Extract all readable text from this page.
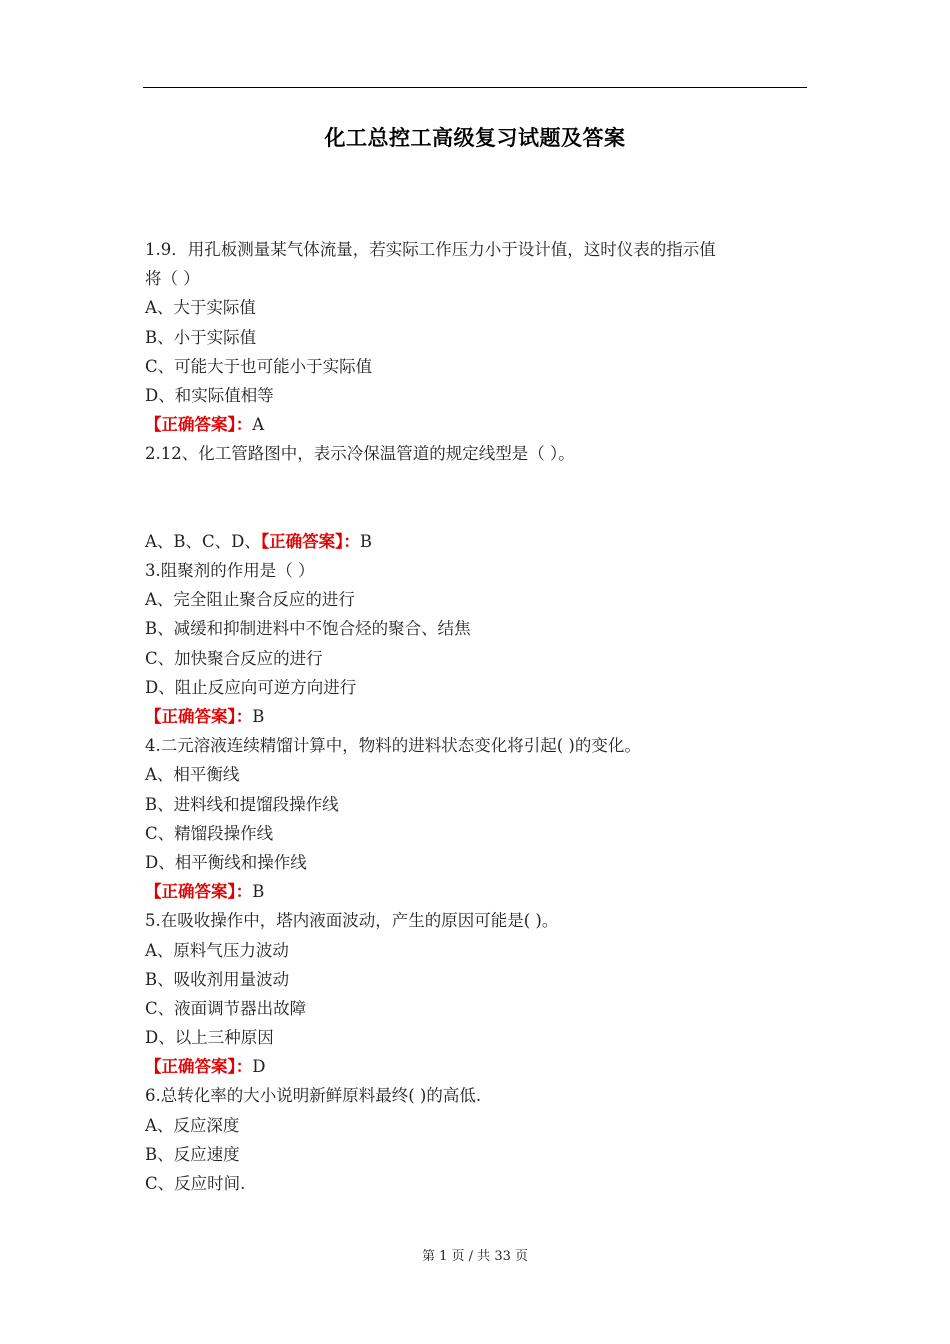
化工总控工高级复习试题及答案
1.9．用孔板测量某气体流量，若实际工作压力小于设计值，这时仪表的指示值
将（ ）
A、大于实际值
B、小于实际值
C、可能大于也可能小于实际值
D、和实际值相等
【正确答案】：A
2.12、化工管路图中，表示冷保温管道的规定线型是（ ）。
A、B、C、D、【正确答案】：B
3.阻聚剂的作用是（ ）
A、完全阻止聚合反应的进行
B、减缓和抑制进料中不饱合烃的聚合、结焦
C、加快聚合反应的进行
D、阻止反应向可逆方向进行
【正确答案】：B
4.二元溶液连续精馏计算中，物料的进料状态变化将引起( )的变化。
A、相平衡线
B、进料线和提馏段操作线
C、精馏段操作线
D、相平衡线和操作线
【正确答案】：B
5.在吸收操作中，塔内液面波动，产生的原因可能是( )。
A、原料气压力波动
B、吸收剂用量波动
C、液面调节器出故障
D、以上三种原因
【正确答案】：D
6.总转化率的大小说明新鲜原料最终( )的高低.
A、反应深度
B、反应速度
C、反应时间.
第 1 页 / 共 33 页
